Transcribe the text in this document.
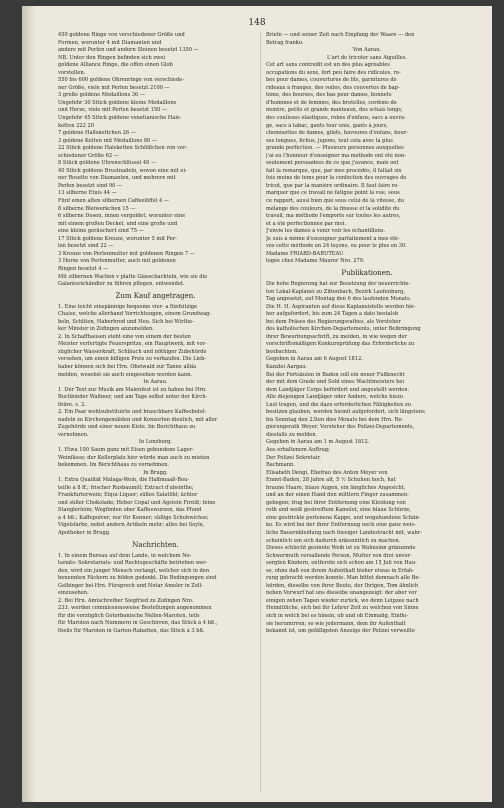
148

450 goldene Ringe von verschiedener Größe und

Formen, worunter 4 mit Diamanten und

andere mit Perlen und andern Steinen besetzt 1350 —

NB. Unter den Ringen befinden sich zwei

goldene Alliance Ringe, die offen einen Glob

vorstellen.

550 bis 600 goldene Ohrenringe von verschiede-

ner Größe, viele mit Perlen besetzt 2100 —

3 große goldene Medaillons 36 —

Ungefehr 30 Stück goldene kleine Medaillons

und Herze, viele mit Perlen besetzt 150 —

Ungefehr 45 Stück goldene venetianische Hals-

ketten 222 20

7 goldene Hallskettchen 26 —

3 goldene Ketten mit Medaillons 80 —

22 Stück goldene Halsketten Schlößchen von ver-

schiedener Größe 62 —

8 Stück goldene Uhrenschlüssel 40 —

40 Stück goldene Brustnadeln, wovon eine mit ei-

ner Rosette von Diamanten, und mehrere mit

Perlen besetzt sind 90 —

13 silberne Etuis 44 —

Fünf einen alten silbernen Caffeelöffel 4 —

8 silberne Bleiwerkchen 15 —

6 silberne Dosen, innen vergoldet, worunter eine

mit einem großen Deckel, und eine große und

eine kleine geräuchert sind 75 —

17 Stück goldene Kreuze, worunter 5 mit Per-

len besetzt sind 22 —

3 Kreuze von Perlenmutter mit goldenen Ringen 7 —

3 Herze von Perlenmutter, auch mit goldenen

Ringen besetzt 4 —

Mit silbernen Wachen v platte Glasschachteln, wie sie die

Galanteriehändler zu führen pflegen, entwendet.

Zum Kauf angetragen.

1. Eine leicht einspännige bequeme vier- a fünfsitzige

Chaise, welche allerhand Vorrichtungen, einem Grundwag-

beln, Schliten, Haberbrod und Heu. Sich bei Wirthe-

ker Minster in Zofingen anzumelden.

2. In Schaffhausen steht eine von einem der besten

Meister verfertigte Feuerspritze, ein Hauptwerk, mit vor-

züglicher Wasserkraft, Schläuch und nöthiger Zubehörde

versehen, um einen billigen Preis zu verkaufen. Die Lieb-

haber können sich bei Hrn. Obstwald zur Tanne allda

melden, wosebst sie auch eingesehen werden kann.

In Aarau.

1. Der Text zur Musik am Maienfest ist zu haben bei Hrn.

Buchbinder Waßmer, und am Tage selbst unter der Kirch-

thüre. s. 2.

2. Ein Paar wohlsubstituirte und brauchbare Kaffeebutel-

nadeln zu Kirchengemälden und Konzerten dienlich, mit aller

Zugehörde und einer neuen Kiste. Im Berichthaus zu

vernehmen.

In Lenzburg.

1. Etwa 100 Saum ganz mit Eisen gebundene Lager-

Weinfässe; der Kellerplatz hier würde man auch zu mieten

bekommen. Im Berichthaus zu vernehmen.

In Brugg.

1. Extra Qualität Malaga-Wein, die Halbmaaß-Bou-

teille à 8 ff.; frischer Rusbaumöl; Extract d'absinthe;

Frankfurterwein; Eiqui-Liquer; süßes Salatöhl; ächter

und süßer Chokolade; Heber Copal und Agstein Firniß; feine

Stanglerleim; Wegfinden ober Kaffeewurzen, das Pfund

à 4 bß.; Kaffepulver; nur für Kenner; süßige Schuhwichse;

Vigelsfarbe, nebst andern Artikeln mehr; alles bei Seyle,

Apotheker in Brugg.

Nachrichten.

1. In einem Bureau auf dem Lande, in welchem No-

tariats- Sekretariats- und Rechtsgeschäfte betrieben wer-

den, wird ein junger Mensch verlangt, welcher sich in den

benennten Fächern zu bilden gedenkt. Die Bedingungen sind

Gelbinger bei Hrn. Fürsprech und Notar Ameler in Zell-

einzusehen.

2. Bei Hrn. Amtschreiber Siegfried zu Zofingen Nro.

233. werden commissionsweise Bestellungen angenommen

für die vorzüglich Gotorbanische Nellen-Maroten, teils

für Maroten nach Nummern in Geschirren, das Stück à 4 bß.,

theils für Maroten in Garten-Rabatten, das Stück à 3 bß.

Briefe — und seiner Zeit nach Empfang der Waare — den

Betrag franko.

Von Aarau.

L'art de tricoter sans Aiguilles.

Cet art sans contredit est un des plus agréables

occupations du sexe, fort peu faire des ridicules, ro-

bes pour dames, couvertures de lits, garnitures de

rideaux à franges, des voiles, des couvertes de bap-

tême, des bourses, des bas pour dames, bonnets

d'hommes et de femmes, des bretelles, cordons de

montre, petits et grands manteaux, des schals longs,

des coulisses élastiques, robes d'enfans, sacs à ouvra-

ge, sacs à tabac, gants tour unis, gants à jours,

chemisettes de dames, gilets, bavoures d'enfans, bour-

ses longues, fichus, jupons, tout cela avec la plus

grande perfection. — Plusieurs personnes auxquelles

j'ai eu l'honneur d'enseigner ma méthode ont été non-

seulement persuadées de ce que j'avance, mais ont

fait la remarque, que, par mes procédés, il fallait six

fois moins de tems pour la confection des ouvrages de

tricot, que par la manière ordinaire. Il faut faire re-

marquer que ce travail ne fatigue point la vue, sous

ce rapport, aussi bien que sous celui de la vitesse, du

mélange des couleurs, de la finesse et la solidité du

travail, ma méthode l'emporte sur toutes les autres,

et a été perfectionnée par moi.

J'envie les dames à venir voir les échantillons.

Je suis à même d'enseigner parfaitement à mes élè-

ves cette méthode en 24 leçons, ou pour le plus en 30.

Madame FRIARD-BARUTEAU

logée chez Madame Maurer Nro. 279.

Publikationen.

Die hohe Regierung hat zur Besetzung der neuerrichte-

ten Lokal-Kaplanei zu Zittenbach, Bezirk Laufenburg,

Tag angesetzt, auf Montag den 6 des laufenden Monats.

Die H. H. Aspiranten auf diese Kaplaneistelle werden hie-

her aufgefordert, bis zum 24 Tagen a dato bestalsb

bei dem Präses des Regierungsrathes, als Vorsteher

des katholischen Kirchen-Departements, unter Beibringung

ihrer Bewerbungsschrift, zu melden, in wie wegen der

vorschriftsmäßigen Konkursprüfung das Erforderliche zu

beobachten.

Gegeben in Aarau am 6 August 1812.

Kanzlei Aargau.

Bei der Fortsäulen in Baden soll ein neuer Fußknecht

der mit dem Grade und Sold eines Wachtmeisters bei

dem Landjäger Corps befördert und angestellt werden.

Alle diejenigen Landjäger oder Andere, welche hiezu

Lust tragen, und die dazu erforderlichen Fähigkeiten zu

besitzen glauben, werden hiemit aufgefordert, sich längstens

bis Sonntag den 23ten dies Monats bei dem Hrn. Re-

gierungsrath Weyer, Vorsteher des Polizei-Departements,

diesfalls zu melden.

Gegeben in Aarau am 1 m August 1812.

Aus erhaltenem Auftrag;

Der Polizei Sekretair,

Bachmann.

Elisabeth Dengi, Ehefrau des Anton Meyer von

Ennet-Baden, 28 Jahre alt, 5 ½ Schuhen hoch, hat

braune Haare, blaue Augen, ein längliches Angesicht,

und an der einen Hand den mittlern Finger zusammen-

gebogen; trug bei ihrer Entfernung eine Kleidung von

roth und weiß gestreiftem Kamelot, eine blaue Schürze,

eine gestrickte perlenene Kappe, und wogehundene Schän-

ke. Es wird bei der ihrer Entfernung noch eine ganz weis-

liche Bauernkleidung nach hiesiger Landestracht mit, wahr-

scheinlich um sich dadurch unkenntlich zu machen.

Dieses schlecht gesinnte Weib ist zu Wahnsinn gränzende

Schwermuth versallende Person, Mutter von drei unver-

sorgten Kindern, entfernte sich schon am 15 Juli von Hau-

se, ohne daß von ihrem Aufenthalt bisher etwas in Erfah-

rung gebracht werden konnte. Man bittet demnach alle Be-

hörden, dieselbe von ihrer Beute, der Ihrigen, Tom ähnlich

neben Vorwurf hat uns dieselbe unangezeigt: der aber vor

einigen zehen Tagen wieder zurück, wo denn Leipzee nach

Heimitiliche, sich bei ihr Lehrer Zeit zu welchen von Sinne

sich in welch bei es hinein, ob und ob Einmalig, Einflu-

sie herumirren; so wie jedermann, dem ihr Aufenthalt

bekannt ist, um gefälligsten Anzeige der Polizei verweilte
